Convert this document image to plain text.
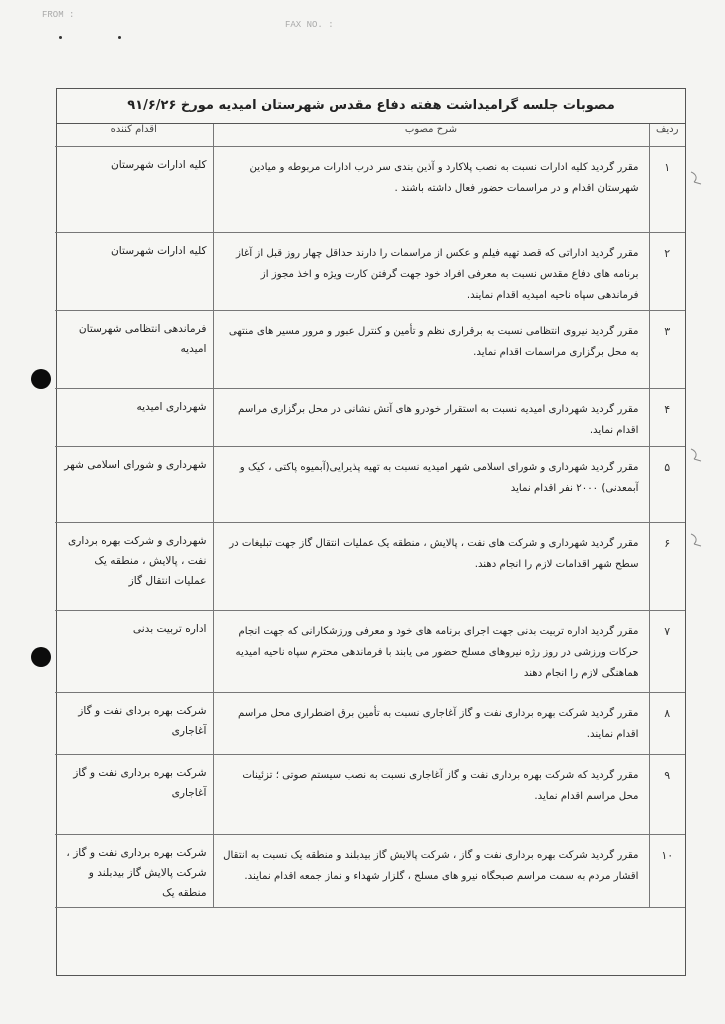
FROM :
FAX NO. :
مصوبات جلسه گرامیداشت هفته دفاع مقدس شهرستان امیدیه مورخ ۹۱/۶/۲۶
ردیف	شرح مصوب	اقدام کننده
۱	مقرر گردید کلیه ادارات نسبت به نصب پلاکارد و آذین بندی سر درب ادارات مربوطه و میادین شهرستان اقدام و در مراسمات حضور فعال داشته باشند .	کلیه ادارات شهرستان
۲	مقرر گردید اداراتی که قصد تهیه فیلم و عکس از مراسمات را دارند حداقل چهار روز قبل از آغاز برنامه های دفاع مقدس نسبت به معرفی افراد خود جهت گرفتن کارت ویژه و اخذ مجوز از فرماندهی سپاه ناحیه امیدیه اقدام نمایند.	کلیه ادارات شهرستان
۳	مقرر گردید نیروی انتظامی نسبت به برقراری نظم و تأمین و کنترل عبور و مرور مسیر های منتهی به محل برگزاری مراسمات اقدام نماید.	فرماندهی انتظامی شهرستان امیدیه
۴	مقرر گردید شهرداری امیدیه نسبت به استقرار خودرو های آتش نشانی در محل برگزاری مراسم اقدام نماید.	شهرداری امیدیه
۵	مقرر گردید شهرداری و شورای اسلامی شهر امیدیه نسبت به تهیه پذیرایی(آبمیوه پاکتی ، کیک و آبمعدنی) ۲۰۰۰ نفر اقدام نماید	شهرداری و شورای اسلامی شهر
۶	مقرر گردید شهرداری و شرکت های نفت ، پالایش ، منطقه یک عملیات انتقال گاز جهت تبلیغات در سطح شهر اقدامات لازم را انجام دهند.	شهرداری و شرکت بهره برداری نفت ، پالایش ، منطقه یک عملیات انتقال گاز
۷	مقرر گردید اداره تربیت بدنی جهت اجرای برنامه های خود و معرفی ورزشکارانی که جهت انجام حرکات ورزشی در روز رژه نیروهای مسلح حضور می یابند با فرماندهی محترم سپاه ناحیه امیدیه هماهنگی لازم را انجام دهند	اداره تربیت بدنی
۸	مقرر گردید شرکت بهره برداری نفت و گاز آغاجاری نسبت به تأمین برق اضطراری محل مراسم اقدام نمایند.	شرکت بهره بردای نفت و گاز آغاجاری
۹	مقرر گردید که شرکت بهره برداری نفت و گاز آغاجاری نسبت به نصب سیستم صوتی ؛ تزئینات محل مراسم اقدام نماید.	شرکت بهره برداری نفت و گاز آغاجاری
۱۰	مقرر گردید شرکت بهره برداری نفت و گاز ، شرکت پالایش گاز بیدبلند و منطقه یک نسبت به انتقال اقشار مردم به سمت مراسم صبحگاه نیرو های مسلح ، گلزار شهداء و نماز جمعه اقدام نمایند.	شرکت بهره برداری نفت و گاز ، شرکت پالایش گاز بیدبلند و منطقه یک
